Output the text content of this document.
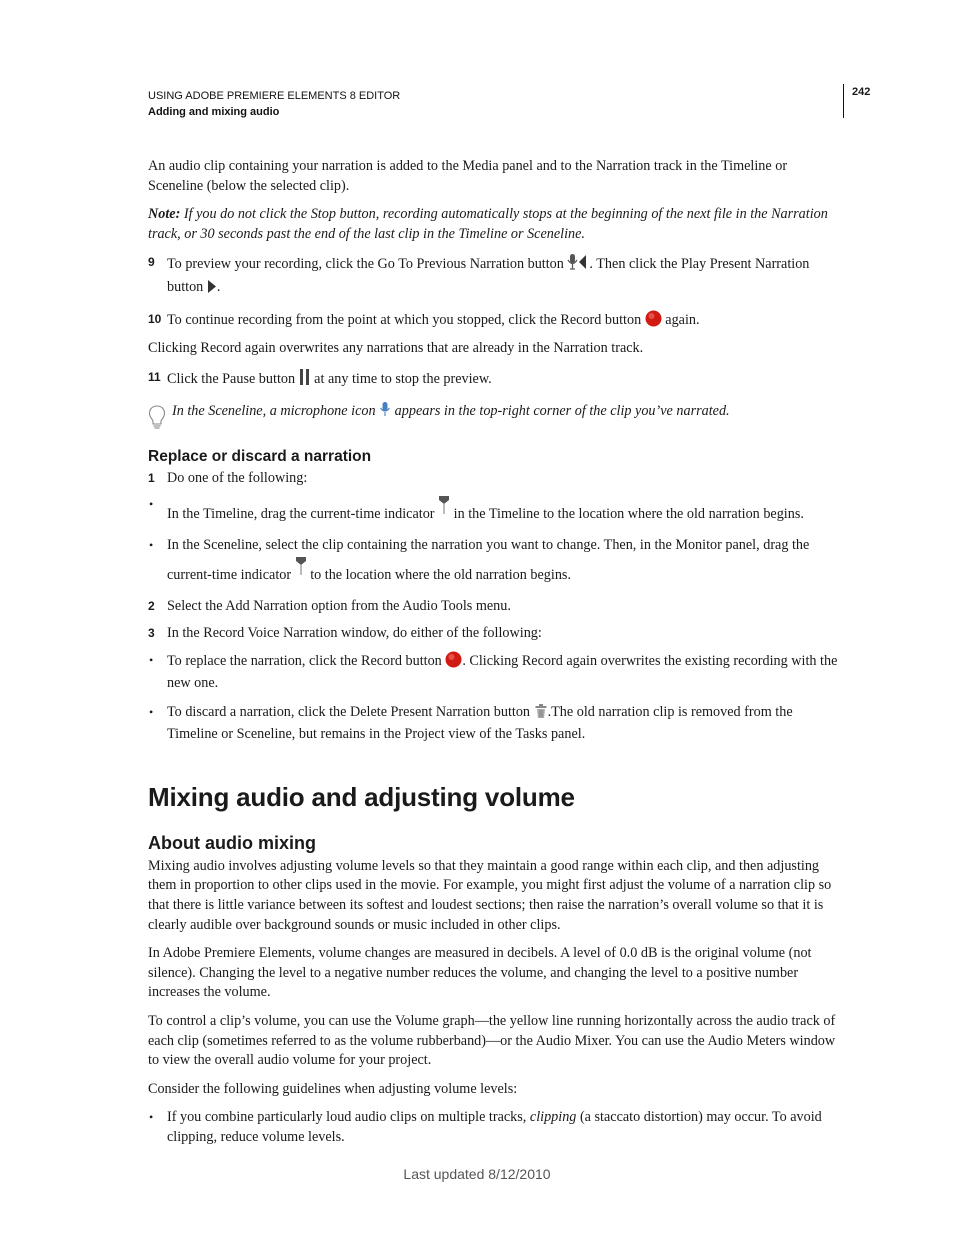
USING ADOBE PREMIERE ELEMENTS 8 EDITOR
Adding and mixing audio
242

An audio clip containing your narration is added to the Media panel and to the Narration track in the Timeline or Sceneline (below the selected clip).

Note: If you do not click the Stop button, recording automatically stops at the beginning of the next file in the Narration track, or 30 seconds past the end of the last clip in the Timeline or Sceneline.

9 To preview your recording, click the Go To Previous Narration button . Then click the Play Present Narration button .

10 To continue recording from the point at which you stopped, click the Record button  again.

Clicking Record again overwrites any narrations that are already in the Narration track.

11 Click the Pause button  at any time to stop the preview.

In the Sceneline, a microphone icon  appears in the top-right corner of the clip you’ve narrated.

Replace or discard a narration

1 Do one of the following:

• In the Timeline, drag the current-time indicator  in the Timeline to the location where the old narration begins.

• In the Sceneline, select the clip containing the narration you want to change. Then, in the Monitor panel, drag the current-time indicator  to the location where the old narration begins.

2 Select the Add Narration option from the Audio Tools menu.

3 In the Record Voice Narration window, do either of the following:

• To replace the narration, click the Record button . Clicking Record again overwrites the existing recording with the new one.

• To discard a narration, click the Delete Present Narration button .The old narration clip is removed from the Timeline or Sceneline, but remains in the Project view of the Tasks panel.

Mixing audio and adjusting volume
About audio mixing

Mixing audio involves adjusting volume levels so that they maintain a good range within each clip, and then adjusting them in proportion to other clips used in the movie. For example, you might first adjust the volume of a narration clip so that there is little variance between its softest and loudest sections; then raise the narration’s overall volume so that it is clearly audible over background sounds or music included in other clips.

In Adobe Premiere Elements, volume changes are measured in decibels. A level of 0.0 dB is the original volume (not silence). Changing the level to a negative number reduces the volume, and changing the level to a positive number increases the volume.

To control a clip’s volume, you can use the Volume graph—the yellow line running horizontally across the audio track of each clip (sometimes referred to as the volume rubberband)—or the Audio Mixer. You can use the Audio Meters window to view the overall audio volume for your project.

Consider the following guidelines when adjusting volume levels:

• If you combine particularly loud audio clips on multiple tracks, clipping (a staccato distortion) may occur. To avoid clipping, reduce volume levels.

Last updated 8/12/2010
